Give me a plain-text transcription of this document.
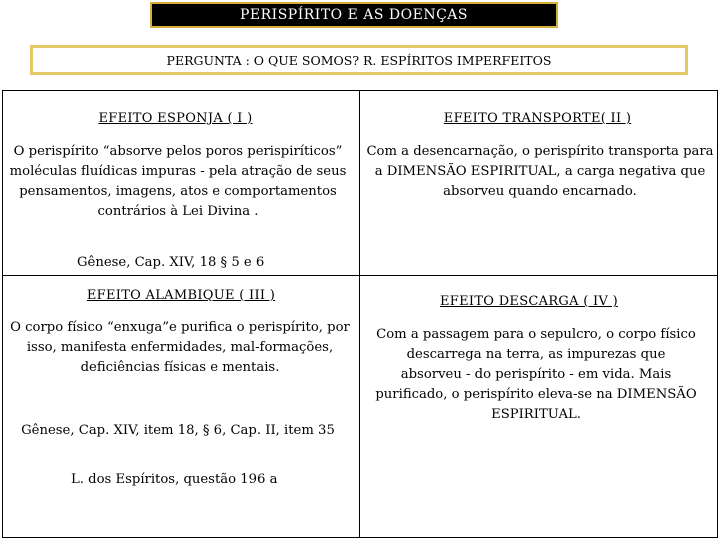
PERISPÍRITO E AS DOENÇAS
PERGUNTA : O QUE SOMOS? R. ESPÍRITOS IMPERFEITOS
EFEITO ESPONJA ( I )
O perispírito “absorve pelos poros perispiríticos” moléculas fluídicas impuras - pela atração de seus pensamentos, imagens, atos e comportamentos contrários à Lei Divina .
Gênese, Cap. XIV, 18 § 5 e 6
EFEITO TRANSPORTE( II )
Com a desencarnação, o perispírito transporta para a DIMENSÃO ESPIRITUAL, a carga negativa que absorveu quando encarnado.
EFEITO ALAMBIQUE ( III )
O corpo físico “enxuga”e purifica o perispírito, por isso, manifesta enfermidades, mal-formações, deficiências físicas e mentais.
Gênese, Cap. XIV, item 18, § 6, Cap. II, item 35
L. dos Espíritos, questão 196 a
EFEITO DESCARGA ( IV )
Com a passagem para o sepulcro, o corpo físico descarrega na terra, as impurezas que absorveu - do perispírito - em vida. Mais purificado, o perispírito eleva-se na DIMENSÃO ESPIRITUAL.
